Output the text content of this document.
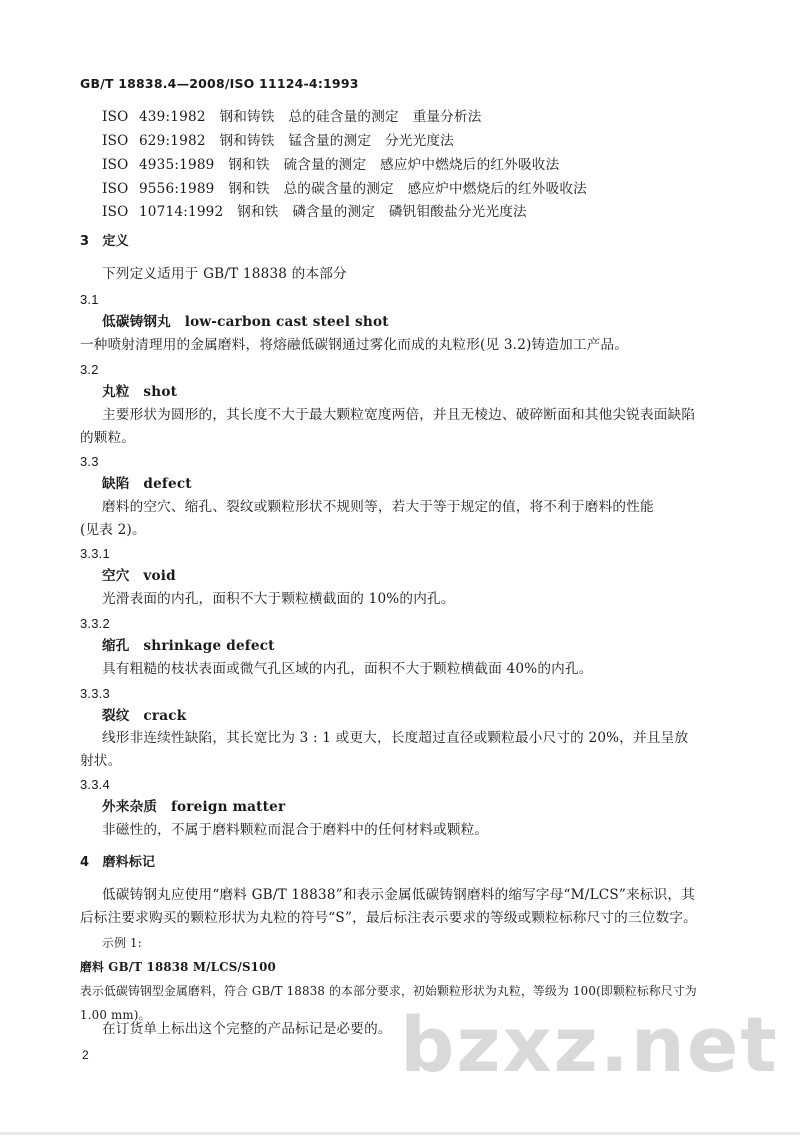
GB/T 18838.4—2008/ISO 11124-4:1993
ISO 439:1982　钢和铸铁　总的硅含量的测定　重量分析法
ISO 629:1982　钢和铸铁　锰含量的测定　分光光度法
ISO 4935:1989　钢和铁　硫含量的测定　感应炉中燃烧后的红外吸收法
ISO 9556:1989　钢和铁　总的碳含量的测定　感应炉中燃烧后的红外吸收法
ISO 10714:1992　钢和铁　磷含量的测定　磷钒钼酸盐分光光度法
3　定义
下列定义适用于 GB/T 18838 的本部分
3.1
低碳铸钢丸　low-carbon cast steel shot
一种喷射清理用的金属磨料，将熔融低碳钢通过雾化而成的丸粒形(见 3.2)铸造加工产品。
3.2
丸粒　shot
主要形状为圆形的，其长度不大于最大颗粒宽度两倍，并且无棱边、破碎断面和其他尖锐表面缺陷
的颗粒。
3.3
缺陷　defect
磨料的空穴、缩孔、裂纹或颗粒形状不规则等，若大于等于规定的值，将不利于磨料的性能
(见表 2)。
3.3.1
空穴　void
光滑表面的内孔，面积不大于颗粒横截面的 10%的内孔。
3.3.2
缩孔　shrinkage defect
具有粗糙的枝状表面或微气孔区域的内孔，面积不大于颗粒横截面 40%的内孔。
3.3.3
裂纹　crack
线形非连续性缺陷，其长宽比为 3 : 1 或更大，长度超过直径或颗粒最小尺寸的 20%，并且呈放
射状。
3.3.4
外来杂质　foreign matter
非磁性的，不属于磨料颗粒而混合于磨料中的任何材料或颗粒。
4　磨料标记
低碳铸钢丸应使用“磨料 GB/T 18838”和表示金属低碳铸钢磨料的缩写字母“M/LCS”来标识，其
后标注要求购买的颗粒形状为丸粒的符号“S”，最后标注表示要求的等级或颗粒标称尺寸的三位数字。
示例 1:
磨料 GB/T 18838 M/LCS/S100
表示低碳铸钢型金属磨料，符合 GB/T 18838 的本部分要求，初始颗粒形状为丸粒，等级为 100(即颗粒标称尺寸为
1.00 mm)。	bzxz.net
在订货单上标出这个完整的产品标记是必要的。
2
